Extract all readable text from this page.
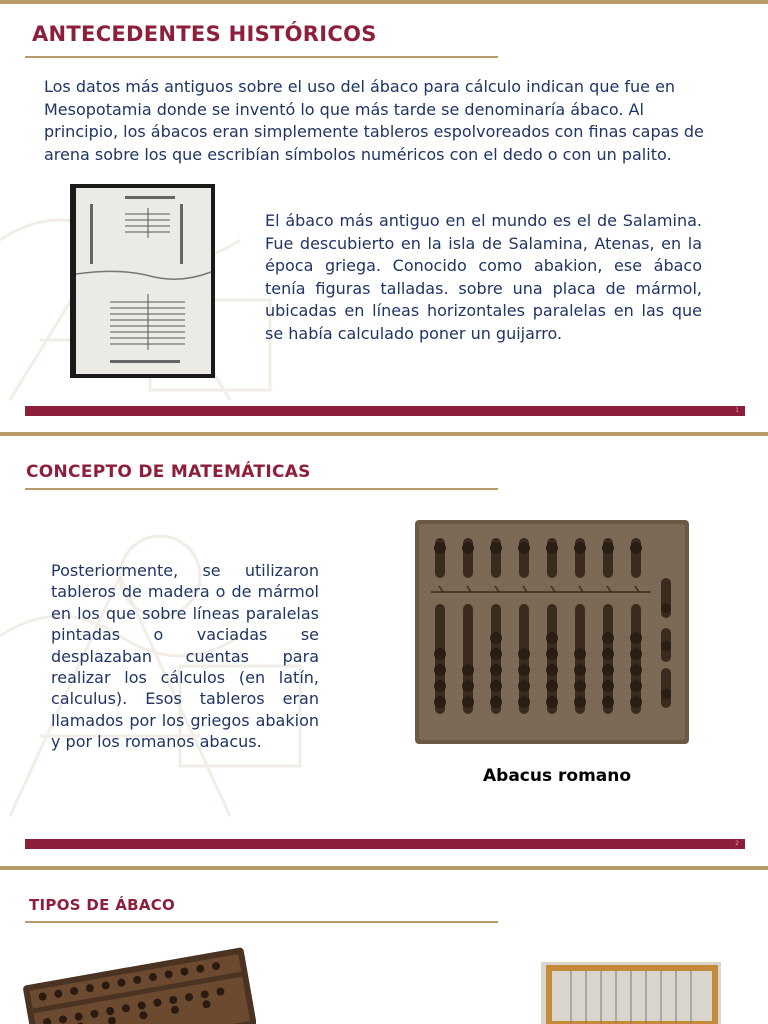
ANTECEDENTES HISTÓRICOS
Los datos más antiguos sobre el uso del ábaco para cálculo indican que fue en Mesopotamia donde se inventó lo que más tarde se denominaría ábaco. Al principio, los ábacos eran simplemente tableros espolvoreados con finas capas de arena sobre los que escribían símbolos numéricos con el dedo o con un palito.
El ábaco más antiguo en el mundo es el de Salamina. Fue descubierto en la isla de Salamina, Atenas, en la época griega. Conocido como abakion, ese ábaco tenía figuras talladas. sobre una placa de mármol, ubicadas en líneas horizontales paralelas en las que se había calculado poner un guijarro.
1
CONCEPTO DE MATEMÁTICAS
Posteriormente, se utilizaron tableros de madera o de mármol en los que sobre líneas paralelas pintadas o vaciadas se desplazaban cuentas para realizar los cálculos (en latín, calculus). Esos tableros eran llamados por los griegos abakion y por los romanos abacus.
Abacus romano
2
TIPOS DE ÁBACO
